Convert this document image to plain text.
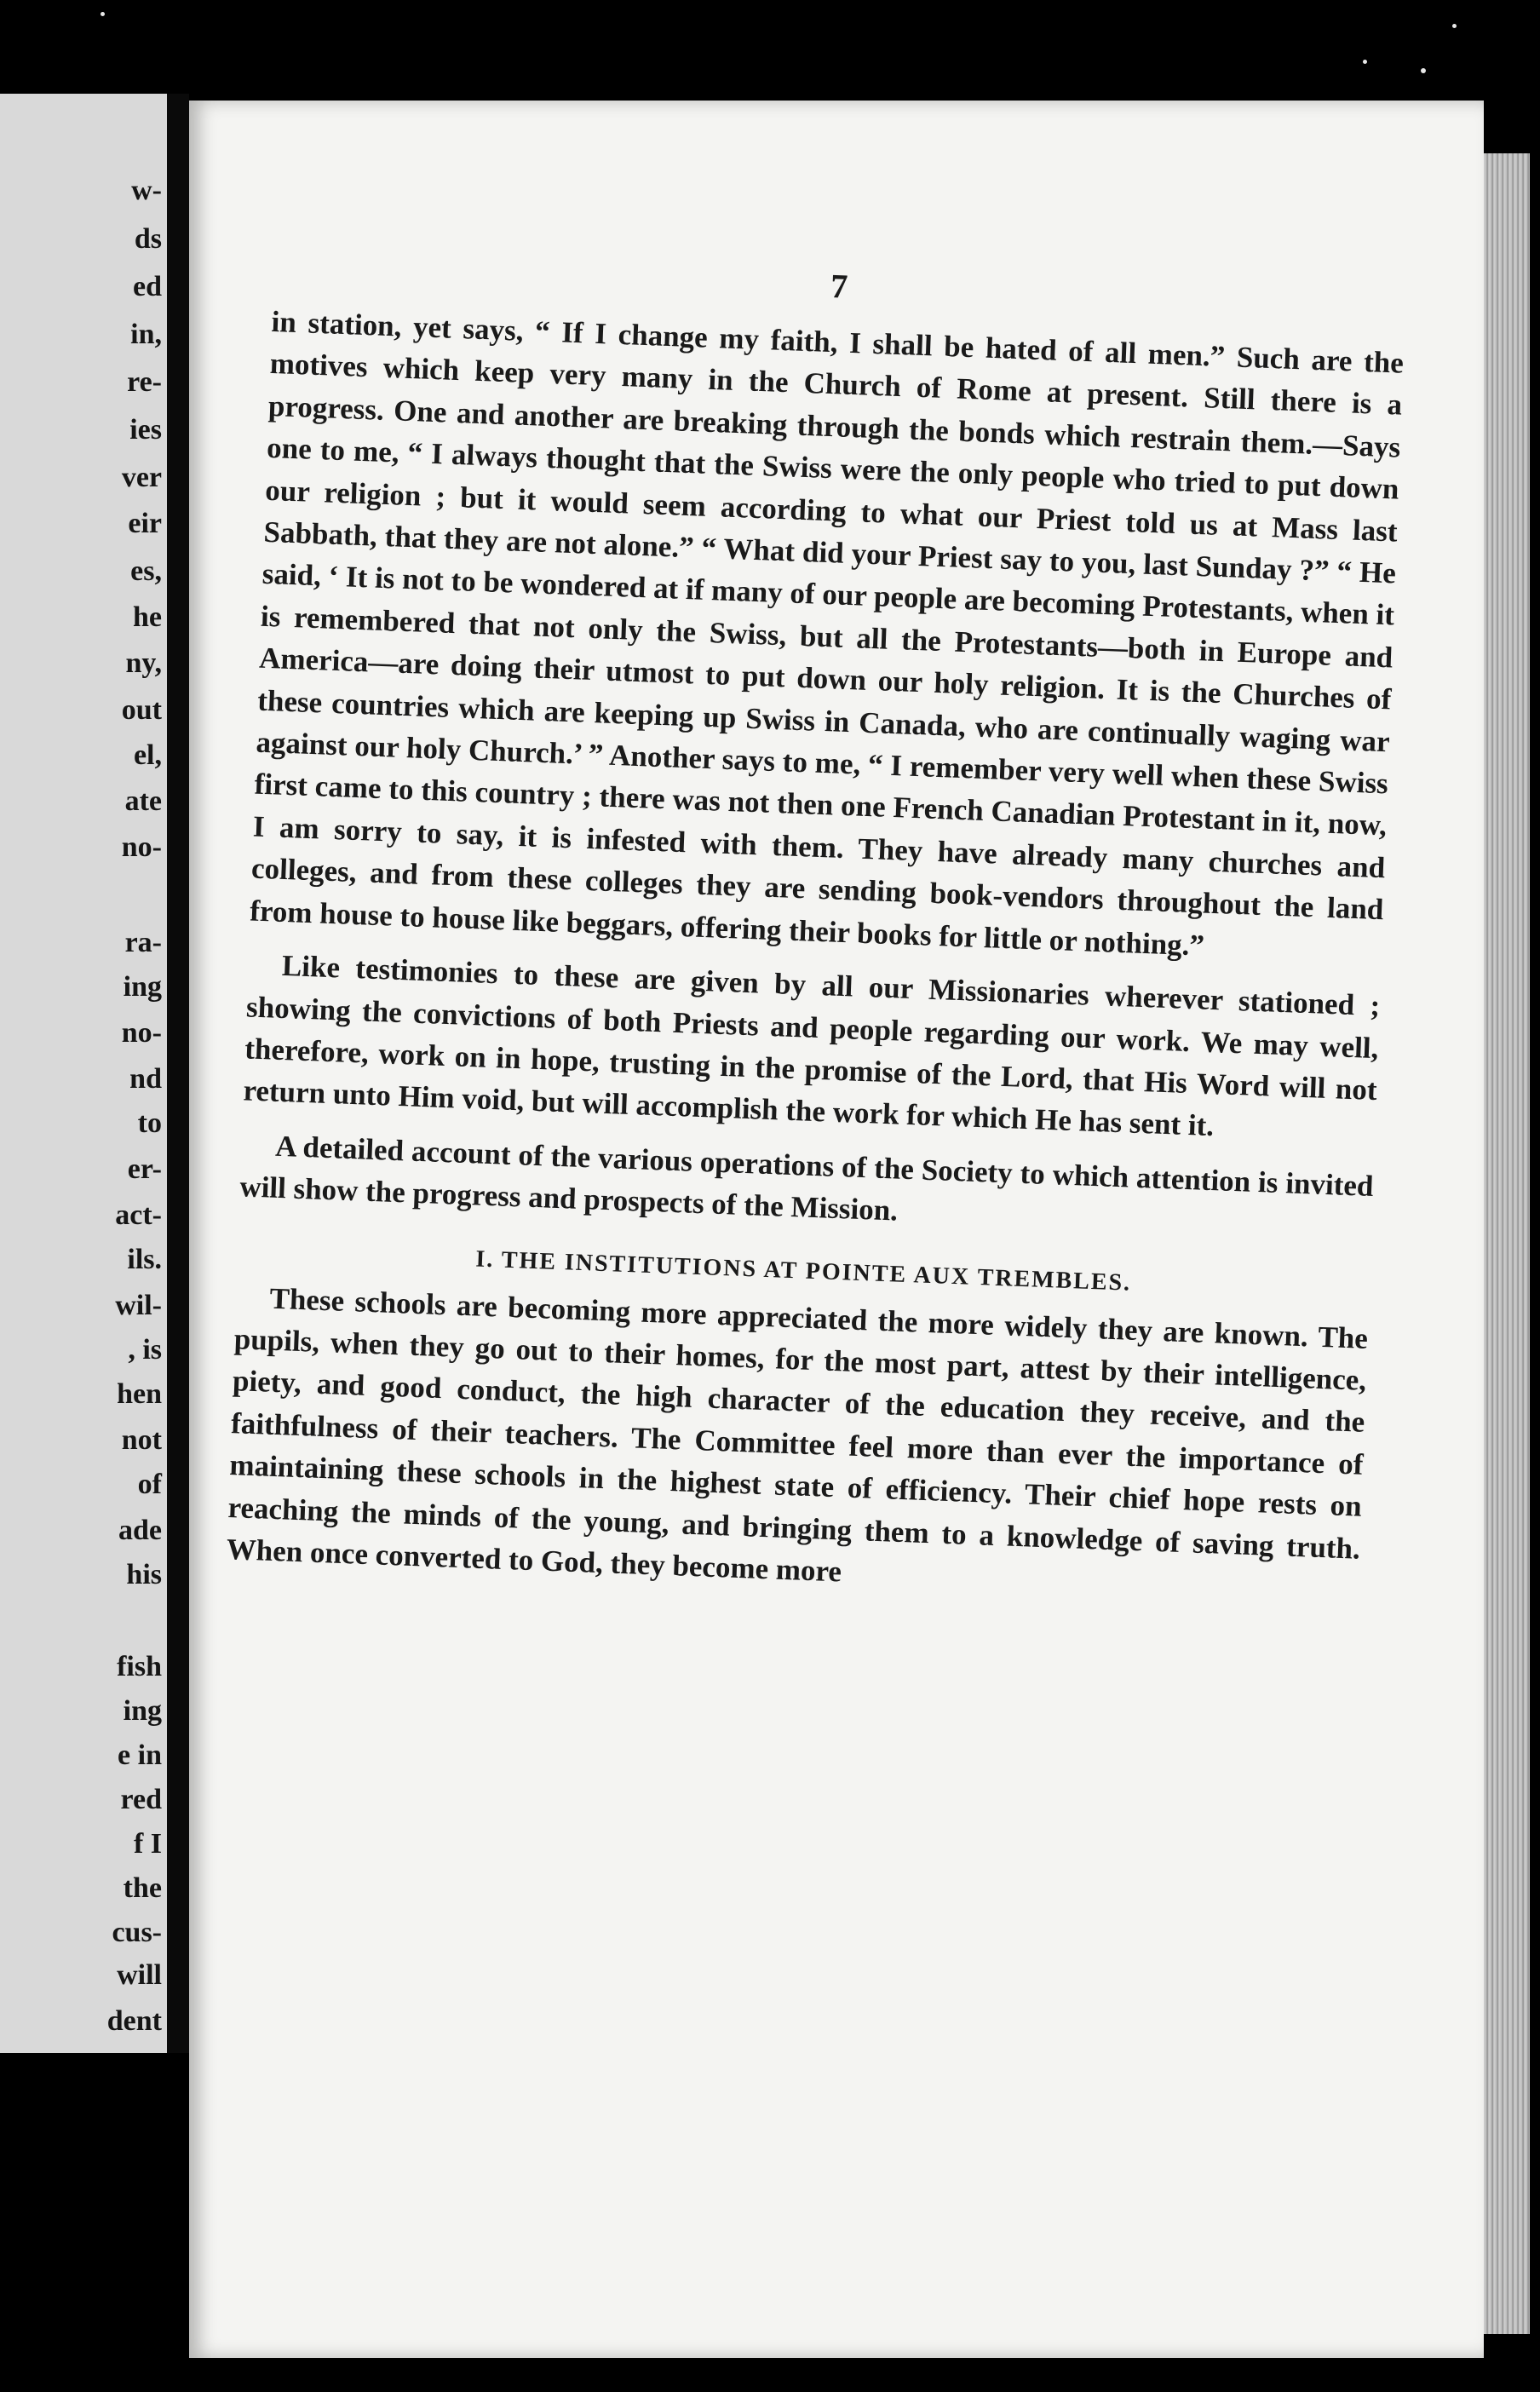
w-
ds
ed
in,
re-
ies
ver
eir
es,
he
ny,
out
el,
ate
no-
ra-
ing
no-
nd
to
er-
act-
ils.
wil-
, is
hen
not
of
ade
his
fish
ing
e in
red
f I
the
cus-
will
dent
7

in station, yet says, “ If I change my faith, I shall be hated of all men.” Such are the motives which keep very many in the Church of Rome at present. Still there is a progress. One and another are breaking through the bonds which restrain them.—Says one to me, “ I always thought that the Swiss were the only people who tried to put down our religion ; but it would seem according to what our Priest told us at Mass last Sabbath, that they are not alone.” “ What did your Priest say to you, last Sunday ?” “ He said, ‘ It is not to be wondered at if many of our people are becoming Protestants, when it is remembered that not only the Swiss, but all the Protestants—both in Europe and America—are doing their utmost to put down our holy religion. It is the Churches of these countries which are keeping up Swiss in Canada, who are continually waging war against our holy Church.’ ” Another says to me, “ I remember very well when these Swiss first came to this country ; there was not then one French Canadian Protestant in it, now, I am sorry to say, it is infested with them. They have already many churches and colleges, and from these colleges they are sending book-vendors throughout the land from house to house like beggars, offering their books for little or nothing.”

Like testimonies to these are given by all our Missionaries wherever stationed ; showing the convictions of both Priests and people regarding our work. We may well, therefore, work on in hope, trusting in the promise of the Lord, that His Word will not return unto Him void, but will accomplish the work for which He has sent it.

A detailed account of the various operations of the Society to which attention is invited will show the progress and prospects of the Mission.

I. THE INSTITUTIONS AT POINTE AUX TREMBLES.

These schools are becoming more appreciated the more widely they are known. The pupils, when they go out to their homes, for the most part, attest by their intelligence, piety, and good conduct, the high character of the education they receive, and the faithfulness of their teachers. The Committee feel more than ever the importance of maintaining these schools in the highest state of efficiency. Their chief hope rests on reaching the minds of the young, and bringing them to a knowledge of saving truth. When once converted to God, they become more
